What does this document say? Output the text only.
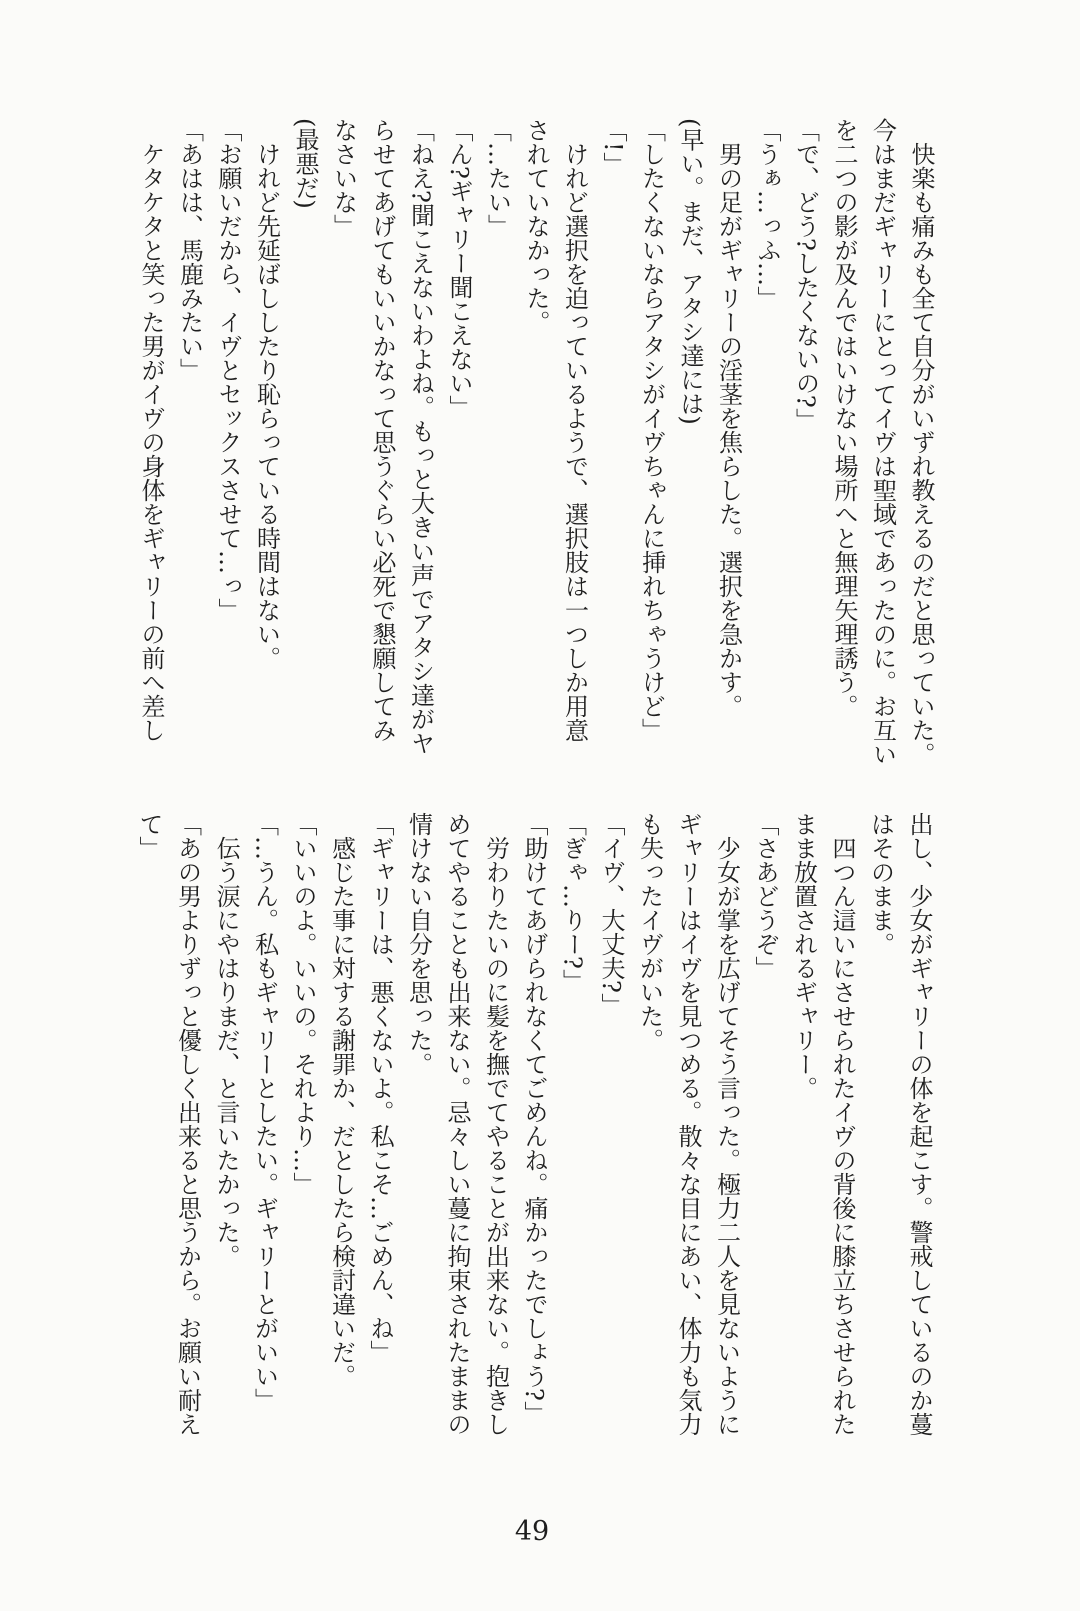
快楽も痛みも全て自分がいずれ教えるのだと思っていた。

今はまだギャリーにとってイヴは聖域であったのに。お互い

を二つの影が及んではいけない場所へと無理矢理誘う。

「で、どう?したくないの?」

「うぁ…っふ…」

男の足がギャリーの淫茎を焦らした。選択を急かす。

(早い。まだ、アタシ達には)

「したくないならアタシがイヴちゃんに挿れちゃうけど」

「!」

けれど選択を迫っているようで、選択肢は一つしか用意

されていなかった。

「…たい」

「ん?ギャリー聞こえない」

「ねえ?聞こえないわよね。もっと大きい声でアタシ達がヤ

らせてあげてもいいかなって思うぐらい必死で懇願してみ

なさいな」

(最悪だ)

けれど先延ばししたり恥らっている時間はない。

「お願いだから、イヴとセックスさせて…っ」

「あはは、馬鹿みたい」

ケタケタと笑った男がイヴの身体をギャリーの前へ差し

出し、少女がギャリーの体を起こす。警戒しているのか蔓

はそのまま。

四つん這いにさせられたイヴの背後に膝立ちさせられた

まま放置されるギャリー。

「さあどうぞ」

少女が掌を広げてそう言った。極力二人を見ないように

ギャリーはイヴを見つめる。散々な目にあい、体力も気力

も失ったイヴがいた。

「イヴ、大丈夫?」

「ぎゃ…りー?」

「助けてあげられなくてごめんね。痛かったでしょう?」

労わりたいのに髪を撫でてやることが出来ない。抱きし

めてやることも出来ない。忌々しい蔓に拘束されたままの

情けない自分を思った。

「ギャリーは、悪くないよ。私こそ…ごめん、ね」

感じた事に対する謝罪か、だとしたら検討違いだ。

「いいのよ。いいの。それより…」

「…うん。私もギャリーとしたい。ギャリーとがいい」

伝う涙にやはりまだ、と言いたかった。

「あの男よりずっと優しく出来ると思うから。お願い耐え

て」

49
